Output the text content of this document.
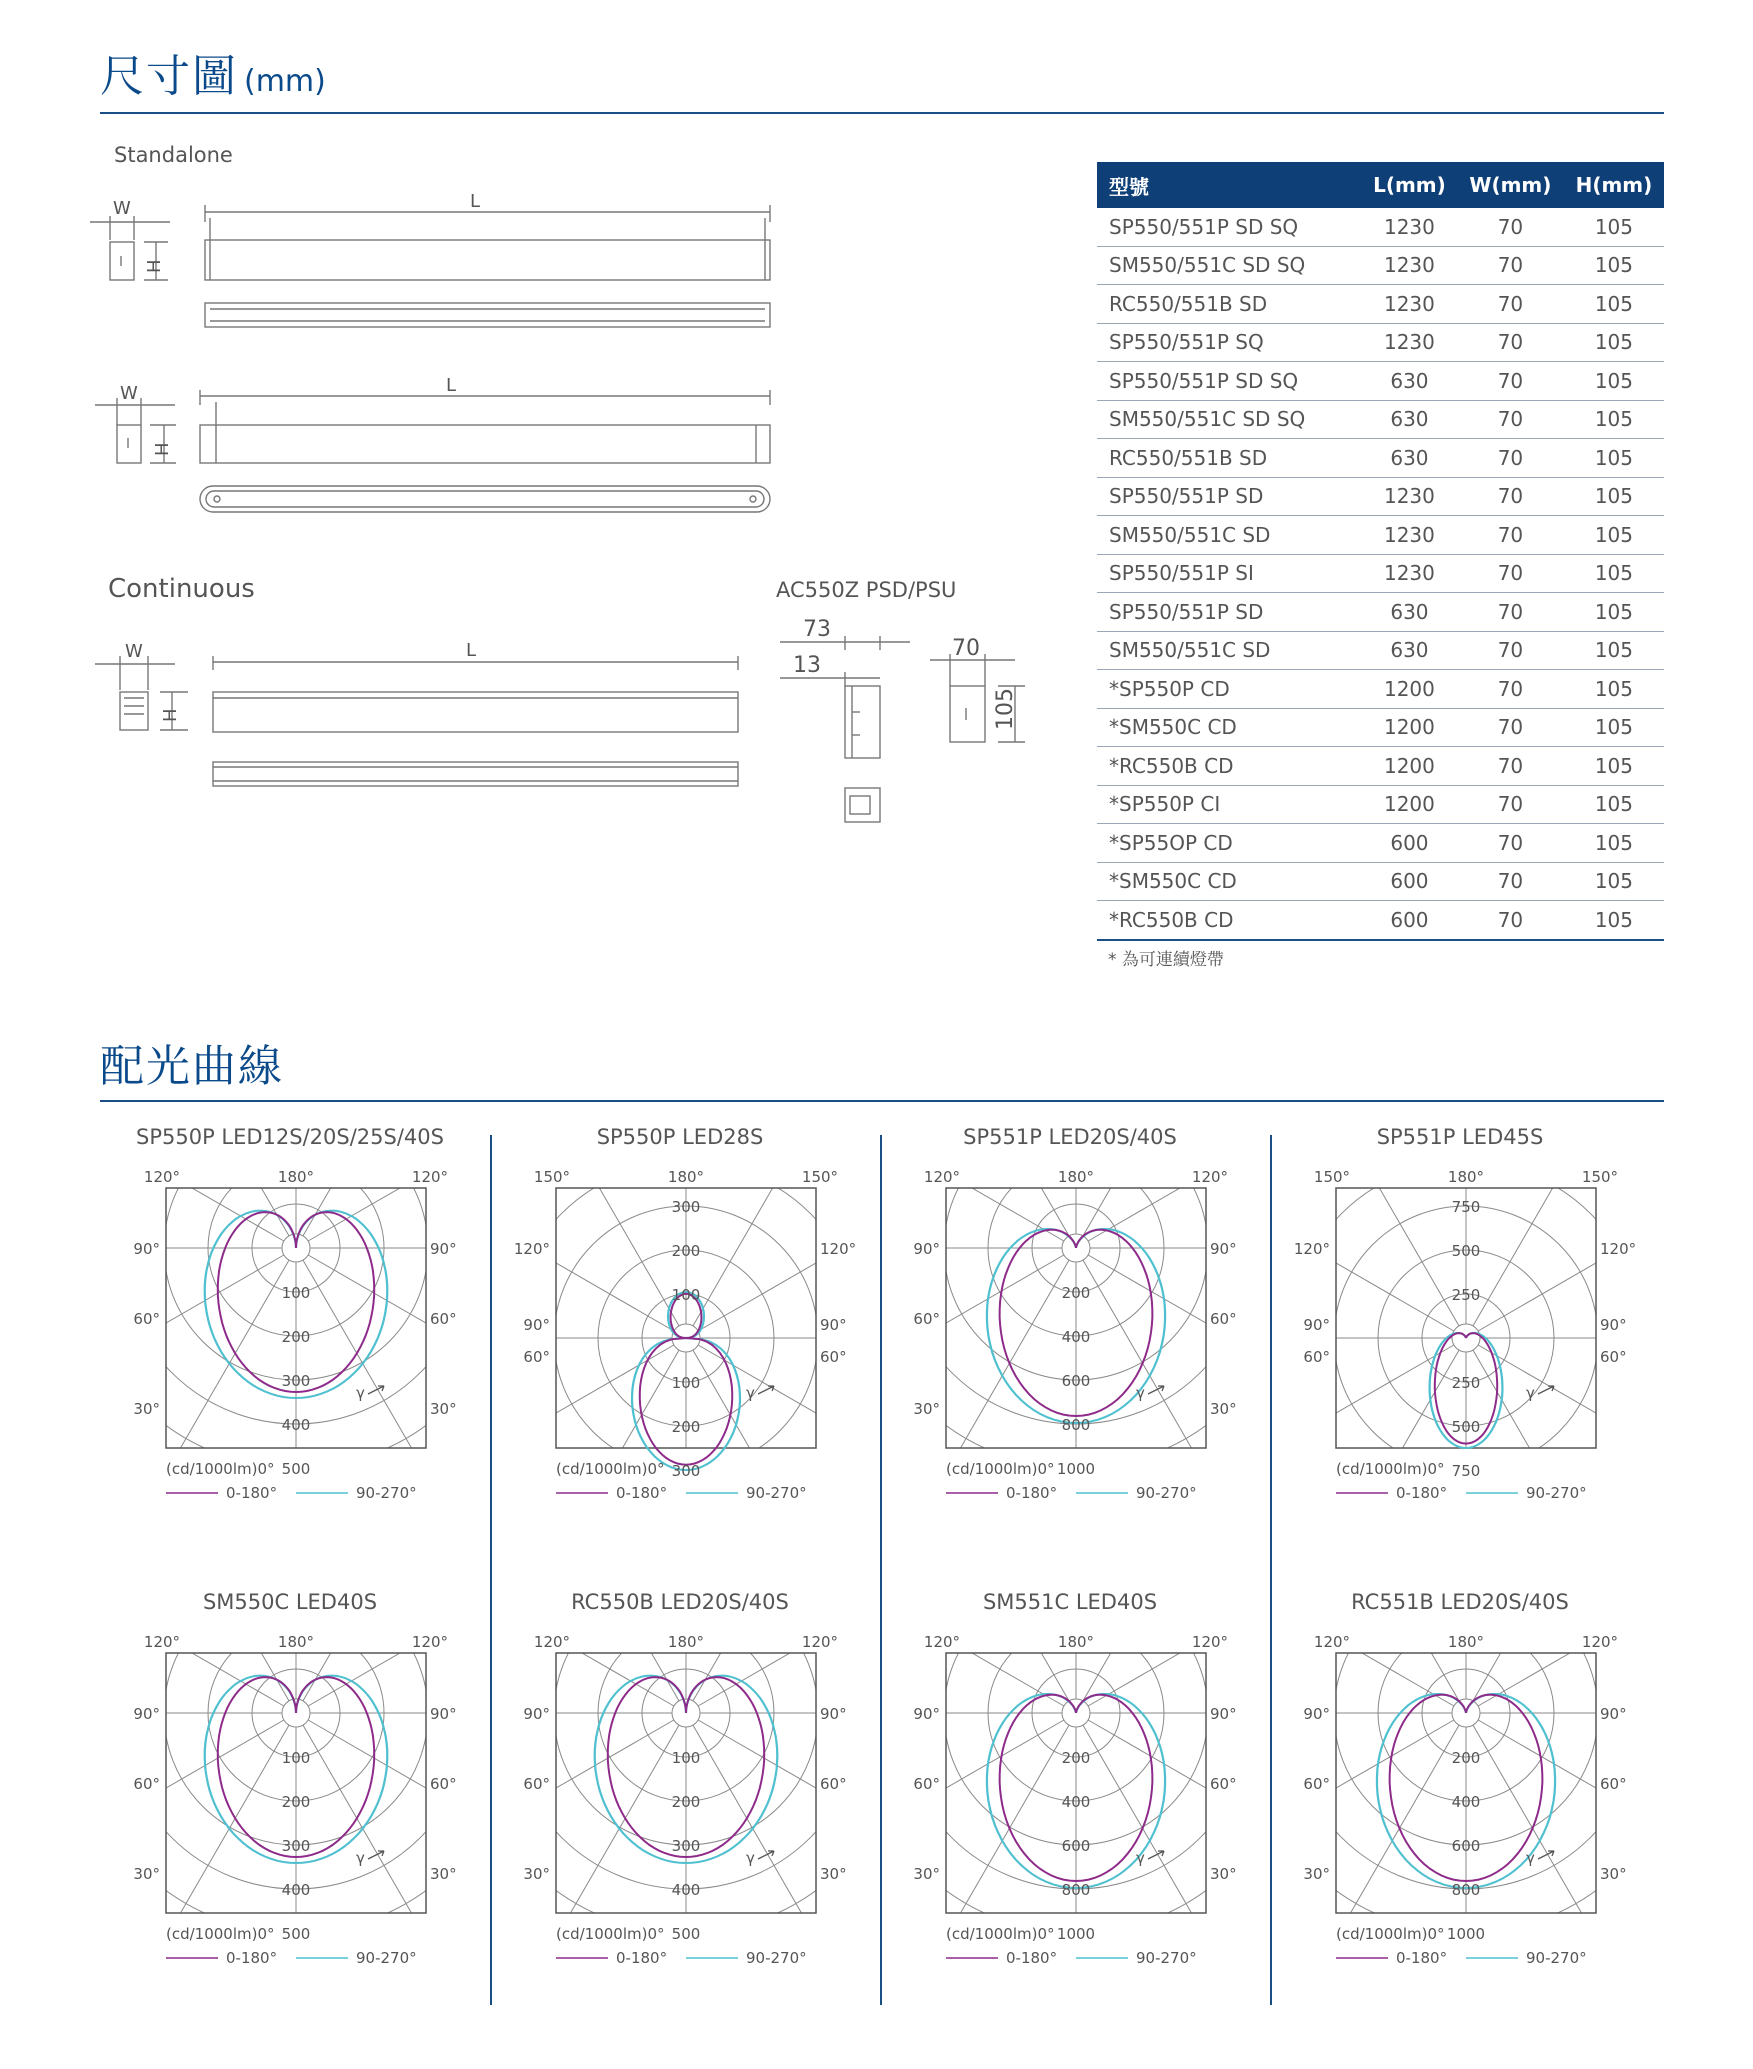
尺寸圖 (mm)
Standalone
Continuous	AC550Z PSD/PSU
W	L
H
W	L
H
W	L
H
73
13
70
105
型號	L(mm)	W(mm)	H(mm)
SP550/551P SD SQ	1230	70	105
SM550/551C SD SQ	1230	70	105
RC550/551B SD	1230	70	105
SP550/551P SQ	1230	70	105
SP550/551P SD SQ	630	70	105
SM550/551C SD SQ	630	70	105
RC550/551B SD	630	70	105
SP550/551P SD	1230	70	105
SM550/551C SD	1230	70	105
SP550/551P SI	1230	70	105
SP550/551P SD	630	70	105
SM550/551C SD	630	70	105
*SP550P CD	1200	70	105
*SM550C CD	1200	70	105
*RC550B CD	1200	70	105
*SP550P CI	1200	70	105
*SP55OP CD	600	70	105
*SM550C CD	600	70	105
*RC550B CD	600	70	105
* 為可連續燈帶
配光曲線
SP550P LED12S/20S/25S/40S
100
200
300
400
500
120°	180°	120°
90°	90°
60°	60°
30°	30°
0°
(cd/1000lm)
γ
0-180°	90-270°
SP550P LED28S
100
100
200
200
300
300
150°	180°	150°
120°	120°
90°	90°
60°	60°
0°
(cd/1000lm)
γ
0-180°	90-270°
SP551P LED20S/40S
200
400
600
800
1000
120°	180°	120°
90°	90°
60°	60°
30°	30°
0°
(cd/1000lm)
γ
0-180°	90-270°
SP551P LED45S
250
250
500
500
750
750
150°	180°	150°
120°	120°
90°	90°
60°	60°
0°
(cd/1000lm)
γ
0-180°	90-270°
SM550C LED40S
100
200
300
400
500
120°	180°	120°
90°	90°
60°	60°
30°	30°
0°
(cd/1000lm)
γ
0-180°	90-270°
RC550B LED20S/40S
100
200
300
400
500
120°	180°	120°
90°	90°
60°	60°
30°	30°
0°
(cd/1000lm)
γ
0-180°	90-270°
SM551C LED40S
200
400
600
800
1000
120°	180°	120°
90°	90°
60°	60°
30°	30°
0°
(cd/1000lm)
γ
0-180°	90-270°
RC551B LED20S/40S
200
400
600
800
1000
120°	180°	120°
90°	90°
60°	60°
30°	30°
0°
(cd/1000lm)
γ
0-180°	90-270°
